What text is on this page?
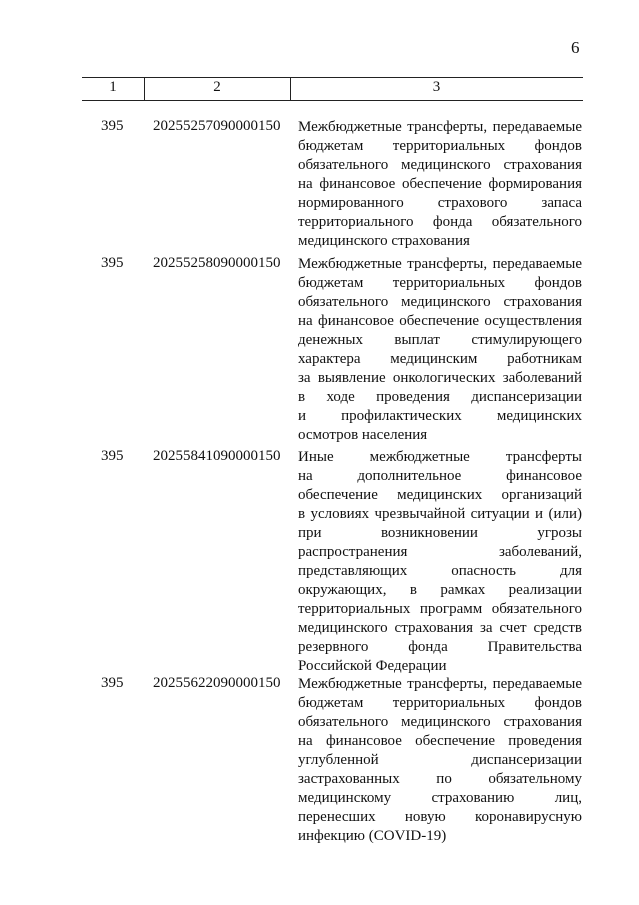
6
1	2	3
395 20255257090000150 Межбюджетные трансферты, передаваемые
бюджетам территориальных фондов
обязательного медицинского страхования
на финансовое обеспечение формирования
нормированного страхового запаса
территориального фонда обязательного
медицинского страхования
395 20255258090000150 Межбюджетные трансферты, передаваемые
бюджетам территориальных фондов
обязательного медицинского страхования
на финансовое обеспечение осуществления
денежных выплат стимулирующего
характера медицинским работникам
за выявление онкологических заболеваний
в ходе проведения диспансеризации
и профилактических медицинских
осмотров населения
395 20255841090000150 Иные межбюджетные трансферты
на дополнительное финансовое
обеспечение медицинских организаций
в условиях чрезвычайной ситуации и (или)
при возникновении угрозы
распространения заболеваний,
представляющих опасность для
окружающих, в рамках реализации
территориальных программ обязательного
медицинского страхования за счет средств
резервного фонда Правительства
Российской Федерации
395 20255622090000150 Межбюджетные трансферты, передаваемые
бюджетам территориальных фондов
обязательного медицинского страхования
на финансовое обеспечение проведения
углубленной диспансеризации
застрахованных по обязательному
медицинскому страхованию лиц,
перенесших новую коронавирусную
инфекцию (COVID-19)
